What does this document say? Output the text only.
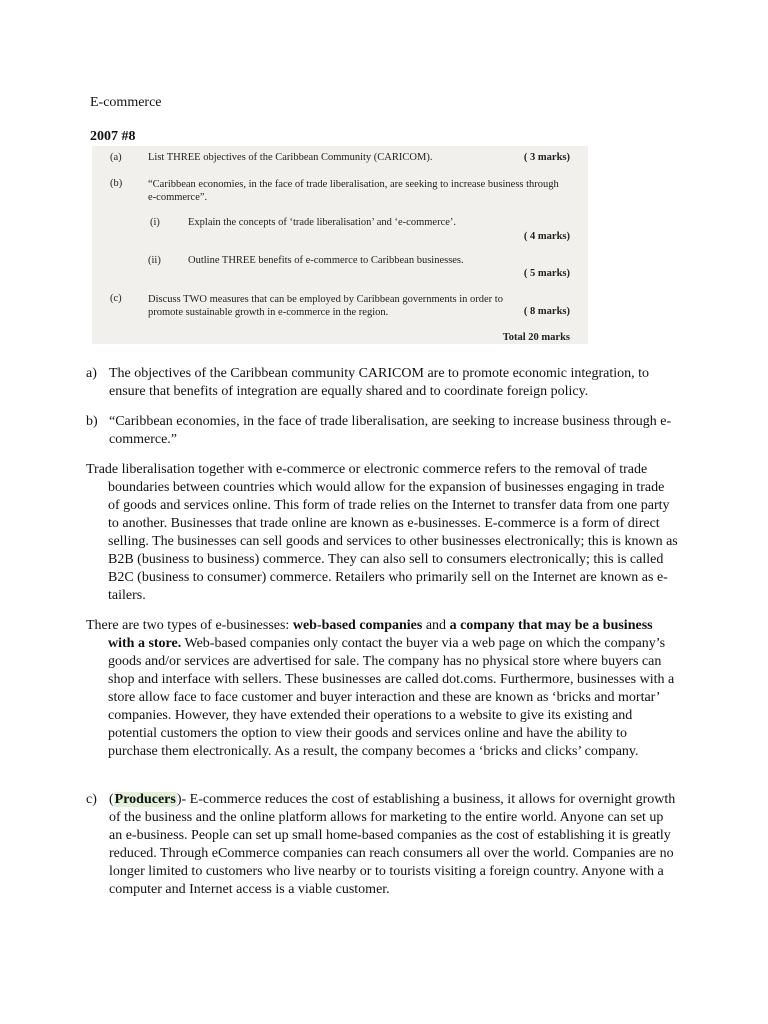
E-commerce
2007 #8
(a)	List THREE objectives of the Caribbean Community (CARICOM).	( 3 marks)
(b) “Caribbean economies, in the face of trade liberalisation, are seeking to increase business through e-commerce”.
(i)	Explain the concepts of ‘trade liberalisation’ and ‘e-commerce’.
( 4 marks)
(ii)	Outline THREE benefits of e-commerce to Caribbean businesses.
( 5 marks)
(c)	Discuss TWO measures that can be employed by Caribbean governments in order to promote sustainable growth in e-commerce in the region.	( 8 marks)
Total 20 marks
a) The objectives of the Caribbean community CARICOM are to promote economic integration, to ensure that benefits of integration are equally shared and to coordinate foreign policy.
b) “Caribbean economies, in the face of trade liberalisation, are seeking to increase business through e-commerce.”
Trade liberalisation together with e-commerce or electronic commerce refers to the removal of trade boundaries between countries which would allow for the expansion of businesses engaging in trade of goods and services online. This form of trade relies on the Internet to transfer data from one party to another. Businesses that trade online are known as e-businesses. E-commerce is a form of direct selling. The businesses can sell goods and services to other businesses electronically; this is known as B2B (business to business) commerce. They can also sell to consumers electronically; this is called B2C (business to consumer) commerce. Retailers who primarily sell on the Internet are known as e-tailers.
There are two types of e-businesses: web-based companies and a company that may be a business with a store. Web-based companies only contact the buyer via a web page on which the company’s goods and/or services are advertised for sale. The company has no physical store where buyers can shop and interface with sellers. These businesses are called dot.coms. Furthermore, businesses with a store allow face to face customer and buyer interaction and these are known as ‘bricks and mortar’ companies. However, they have extended their operations to a website to give its existing and potential customers the option to view their goods and services online and have the ability to purchase them electronically. As a result, the company becomes a ‘bricks and clicks’ company.
c) (Producers)- E-commerce reduces the cost of establishing a business, it allows for overnight growth of the business and the online platform allows for marketing to the entire world. Anyone can set up an e-business. People can set up small home-based companies as the cost of establishing it is greatly reduced. Through eCommerce companies can reach consumers all over the world. Companies are no longer limited to customers who live nearby or to tourists visiting a foreign country. Anyone with a computer and Internet access is a viable customer.
